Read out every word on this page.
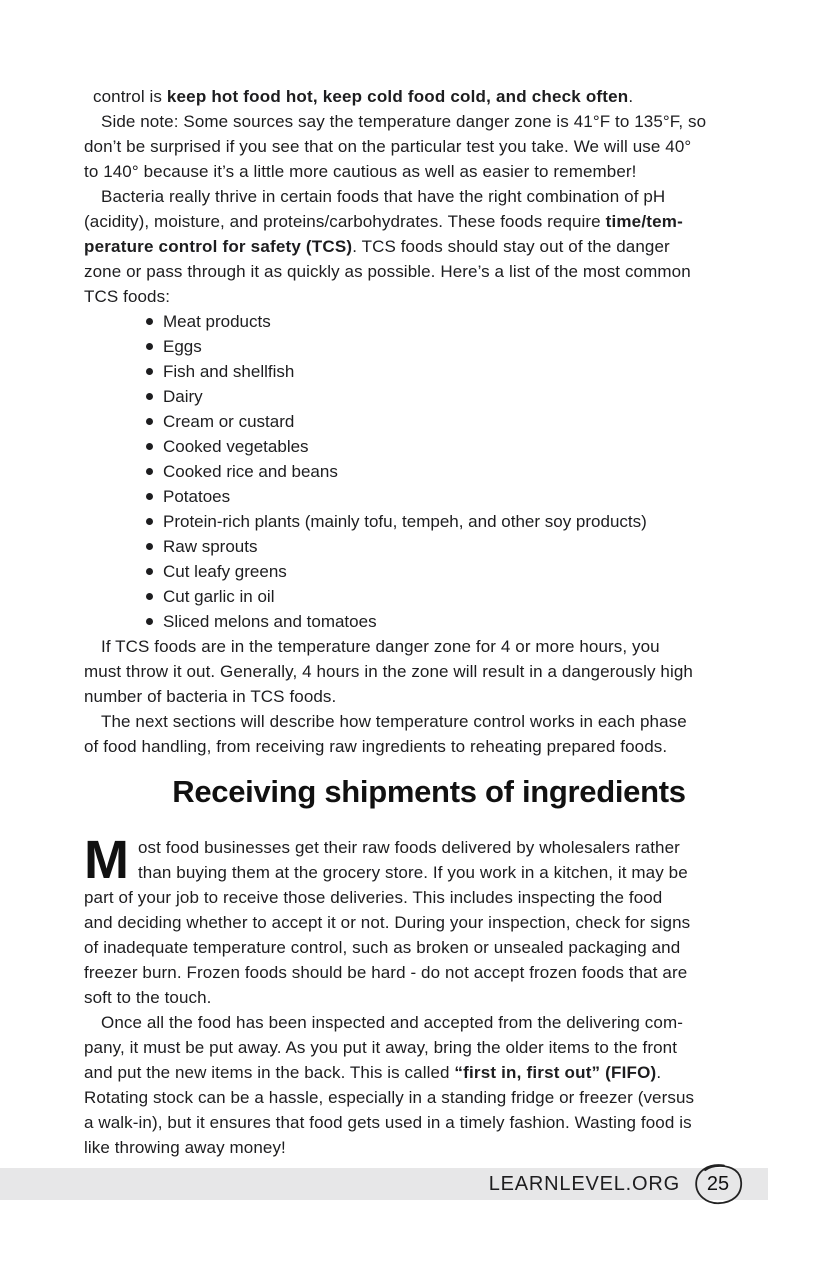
control is keep hot food hot, keep cold food cold, and check often.
Side note: Some sources say the temperature danger zone is 41°F to 135°F, so
don’t be surprised if you see that on the particular test you take. We will use 40°
to 140° because it’s a little more cautious as well as easier to remember!
Bacteria really thrive in certain foods that have the right combination of pH
(acidity), moisture, and proteins/carbohydrates. These foods require time/tem-
perature control for safety (TCS). TCS foods should stay out of the danger
zone or pass through it as quickly as possible. Here’s a list of the most common
TCS foods:
Meat products
Eggs
Fish and shellfish
Dairy
Cream or custard
Cooked vegetables
Cooked rice and beans
Potatoes
Protein-rich plants (mainly tofu, tempeh, and other soy products)
Raw sprouts
Cut leafy greens
Cut garlic in oil
Sliced melons and tomatoes
If TCS foods are in the temperature danger zone for 4 or more hours, you
must throw it out. Generally, 4 hours in the zone will result in a dangerously high
number of bacteria in TCS foods.
The next sections will describe how temperature control works in each phase
of food handling, from receiving raw ingredients to reheating prepared foods.
Receiving shipments of ingredients
M ost food businesses get their raw foods delivered by wholesalers rather
than buying them at the grocery store. If you work in a kitchen, it may be
part of your job to receive those deliveries. This includes inspecting the food
and deciding whether to accept it or not. During your inspection, check for signs
of inadequate temperature control, such as broken or unsealed packaging and
freezer burn. Frozen foods should be hard - do not accept frozen foods that are
soft to the touch.
Once all the food has been inspected and accepted from the delivering com-
pany, it must be put away. As you put it away, bring the older items to the front
and put the new items in the back. This is called “first in, first out” (FIFO).
Rotating stock can be a hassle, especially in a standing fridge or freezer (versus
a walk-in), but it ensures that food gets used in a timely fashion. Wasting food is
like throwing away money!
LEARNLEVEL.ORG	25
